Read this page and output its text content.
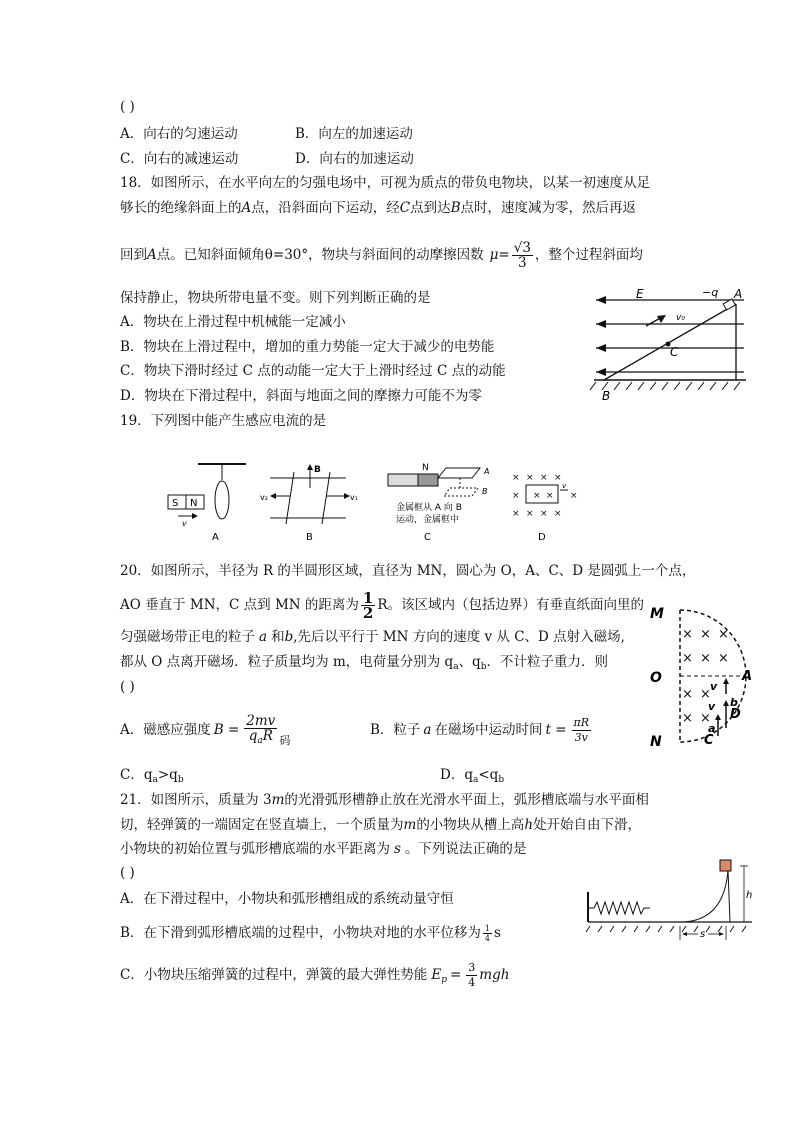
( )
A．向右的匀速运动	B．向左的加速运动
C．向右的减速运动	D．向右的加速运动
18．如图所示，在水平向左的匀强电场中，可视为质点的带负电物块，以某一初速度从足
够长的绝缘斜面上的A点，沿斜面向下运动，经C点到达B点时，速度减为零，然后再返
回到A点。已知斜面倾角θ=30°，物块与斜面间的动摩擦因数 $\mu= \frac{√3}{3}$ ，整个过程斜面均
保持静止，物块所带电量不变。则下列判断正确的是
A．物块在上滑过程中机械能一定减小
B．物块在上滑过程中，增加的重力势能一定大于减少的电势能
C．物块下滑时经过 C 点的动能一定大于上滑时经过 C 点的动能
D．物块在下滑过程中，斜面与地面之间的摩擦力可能不为零
E	−q A
v₀
C
B
19．下列图中能产生感应电流的是
S N
v
A
B
v₂	v₁
B
N	A
B
金属框从 A 向 B
运动，金属框中
C
× × × ×
× × × ×
× × × ×
v
D
20．如图所示，半径为 R 的半圆形区域，直径为 MN，圆心为 O，A、C、D 是圆弧上一个点，
AO 垂直于 MN，C 点到 MN 的距离为 $\frac{1}{2}$ R。该区域内（包括边界）有垂直纸面向里的
匀强磁场带正电的粒子 a 和b,先后以平行于 MN 方向的速度 v 从 C、D 点射入磁场,
都从 O 点离开磁场．粒子质量均为 m，电荷量分别为 $q_a$、$q_b$．不计粒子重力．则
( )
A．磁感应强度 $B = \frac{2mv}{q_aR} _码$
B．粒子 a 在磁场中运动时间 $t = \frac{\pi R}{3v}$
C．$q_a>q_b$	D．$q_a<q_b$
× × ×
× × ×
× ×
× ×
M
O
N
A
D
C
v
v b
a
21．如图所示，质量为 3m的光滑弧形槽静止放在光滑水平面上，弧形槽底端与水平面相
切，轻弹簧的一端固定在竖直墙上，一个质量为m的小物块从槽上高h处开始自由下滑，
小物块的初始位置与弧形槽底端的水平距离为 s 。下列说法正确的是
( )
A．在下滑过程中，小物块和弧形槽组成的系统动量守恒
B．在下滑到弧形槽底端的过程中，小物块对地的水平位移为 $\frac{1}{4}$ s
C．小物块压缩弹簧的过程中，弹簧的最大弹性势能 $E_p = \frac{3}{4}$ mgh
h
s
